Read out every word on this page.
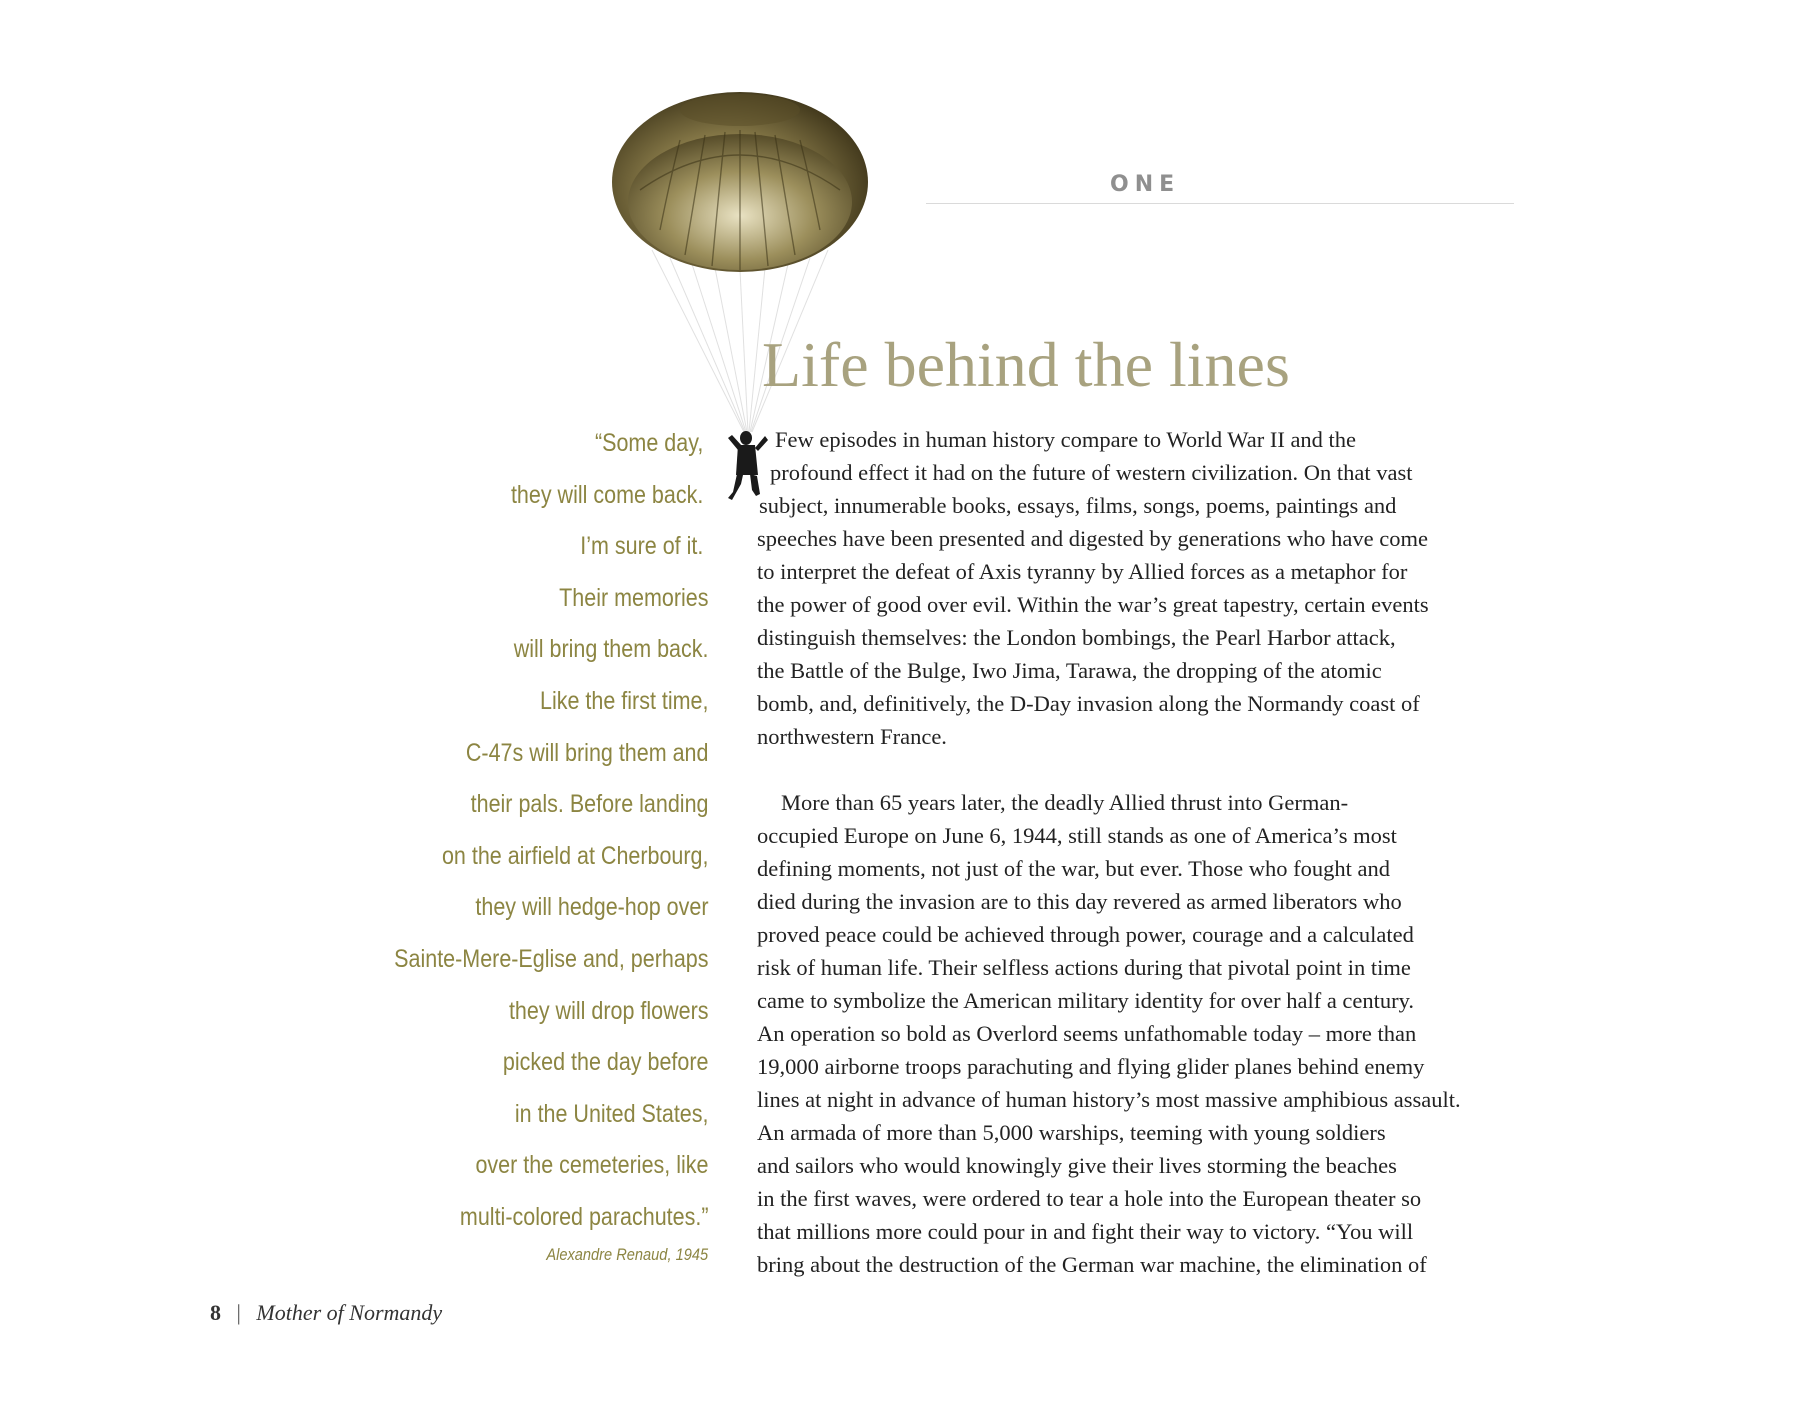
ONE
Life behind the lines
“Some day,
they will come back.
I’m sure of it.
Their memories
will bring them back.
Like the first time,
C-47s will bring them and
their pals. Before landing
on the airfield at Cherbourg,
they will hedge-hop over
Sainte-Mere-Eglise and, perhaps
they will drop flowers
picked the day before
in the United States,
over the cemeteries, like
multi-colored parachutes.”
Alexandre Renaud, 1945
Few episodes in human history compare to World War II and the
profound effect it had on the future of western civilization. On that vast
subject, innumerable books, essays, films, songs, poems, paintings and
speeches have been presented and digested by generations who have come
to interpret the defeat of Axis tyranny by Allied forces as a metaphor for
the power of good over evil. Within the war’s great tapestry, certain events
distinguish themselves: the London bombings, the Pearl Harbor attack,
the Battle of the Bulge, Iwo Jima, Tarawa, the dropping of the atomic
bomb, and, definitively, the D-Day invasion along the Normandy coast of
northwestern France.
More than 65 years later, the deadly Allied thrust into German-
occupied Europe on June 6, 1944, still stands as one of America’s most
defining moments, not just of the war, but ever. Those who fought and
died during the invasion are to this day revered as armed liberators who
proved peace could be achieved through power, courage and a calculated
risk of human life. Their selfless actions during that pivotal point in time
came to symbolize the American military identity for over half a century.
An operation so bold as Overlord seems unfathomable today – more than
19,000 airborne troops parachuting and flying glider planes behind enemy
lines at night in advance of human history’s most massive amphibious assault.
An armada of more than 5,000 warships, teeming with young soldiers
and sailors who would knowingly give their lives storming the beaches
in the first waves, were ordered to tear a hole into the European theater so
that millions more could pour in and fight their way to victory. “You will
bring about the destruction of the German war machine, the elimination of
8 | Mother of Normandy
